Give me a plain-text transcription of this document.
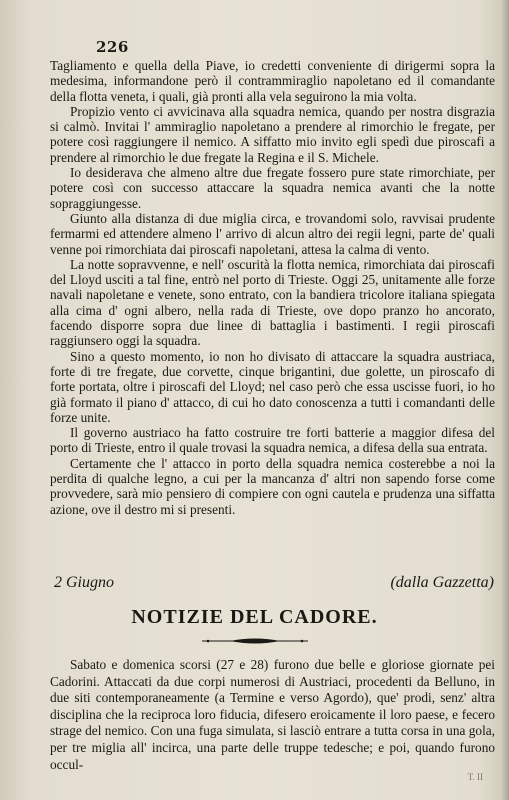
226

Tagliamento e quella della Piave, io credetti conveniente di dirigermi sopra la medesima, informandone però il contrammiraglio napoletano ed il comandante della flotta veneta, i quali, già pronti alla vela seguirono la mia volta.

Propizio vento ci avvicinava alla squadra nemica, quando per nostra disgrazia si calmò. Invitai l' ammiraglio napoletano a prendere al rimorchio le fregate, per potere così raggiungere il nemico. A siffatto mio invito egli spedì due piroscafi a prendere al rimorchio le due fregate la Regina e il S. Michele.

Io desiderava che almeno altre due fregate fossero pure state rimorchiate, per potere così con successo attaccare la squadra nemica avanti che la notte sopraggiungesse.

Giunto alla distanza di due miglia circa, e trovandomi solo, ravvisai prudente fermarmi ed attendere almeno l' arrivo di alcun altro dei regii legni, parte de' quali venne poi rimorchiata dai piroscafi napoletani, attesa la calma di vento.

La notte sopravvenne, e nell' oscurità la flotta nemica, rimorchiata dai piroscafi del Lloyd usciti a tal fine, entrò nel porto di Trieste. Oggi 25, unitamente alle forze navali napoletane e venete, sono entrato, con la bandiera tricolore italiana spiegata alla cima d' ogni albero, nella rada di Trieste, ove dopo pranzo ho ancorato, facendo disporre sopra due linee di battaglia i bastimenti. I regii piroscafi raggiunsero oggi la squadra.

Sino a questo momento, io non ho divisato di attaccare la squadra austriaca, forte di tre fregate, due corvette, cinque brigantini, due golette, un piroscafo di forte portata, oltre i piroscafi del Lloyd; nel caso però che essa uscisse fuori, io ho già formato il piano d' attacco, di cui ho dato conoscenza a tutti i comandanti delle forze unite.

Il governo austriaco ha fatto costruire tre forti batterie a maggior difesa del porto di Trieste, entro il quale trovasi la squadra nemica, a difesa della sua entrata.

Certamente che l' attacco in porto della squadra nemica costerebbe a noi la perdita di qualche legno, a cui per la mancanza d' altri non sapendo forse come provvedere, sarà mio pensiero di compiere con ogni cautela e prudenza una siffatta azione, ove il destro mi si presenti.

2 Giugno	(dalla Gazzetta)
NOTIZIE DEL CADORE.

Sabato e domenica scorsi (27 e 28) furono due belle e gloriose giornate pei Cadorini. Attaccati da due corpi numerosi di Austriaci, procedenti da Belluno, in due siti contemporaneamente (a Termine e verso Agordo), que' prodi, senz' altra disciplina che la reciproca loro fiducia, difesero eroicamente il loro paese, e fecero strage del nemico. Con una fuga simulata, si lasciò entrare a tutta corsa in una gola, per tre miglia all' incirca, una parte delle truppe tedesche; e poi, quando furono occul-

T. II
